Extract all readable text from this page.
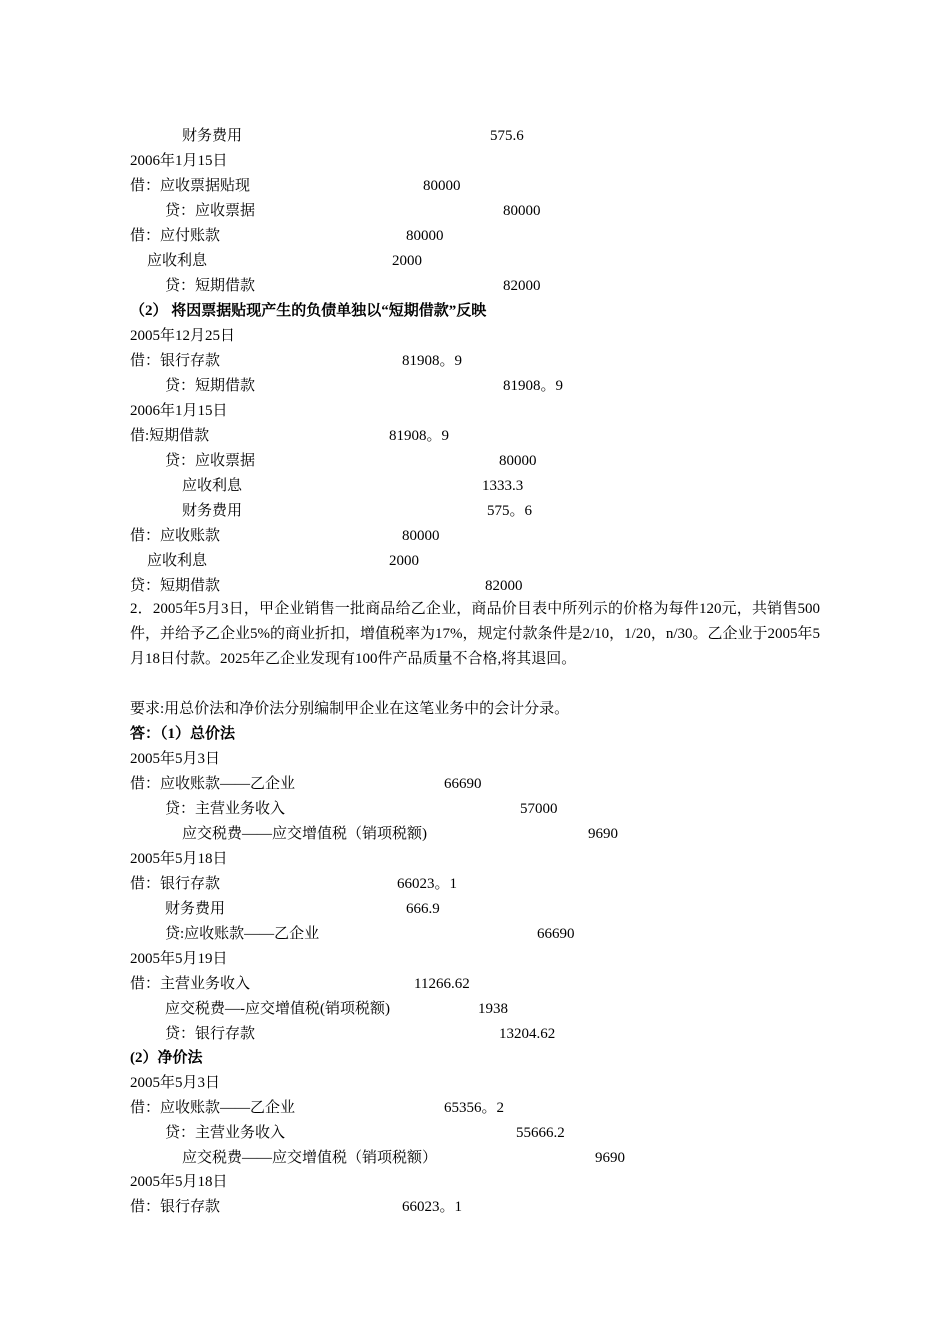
财务费用	575.6
2006年1月15日
借：应收票据贴现	80000
贷：应收票据	80000
借：应付账款	80000
应收利息	2000
贷：短期借款	82000
（2） 将因票据贴现产生的负债单独以“短期借款”反映
2005年12月25日
借：银行存款	81908。9
贷：短期借款	81908。9
2006年1月15日
借:短期借款	81908。9
贷：应收票据	80000
应收利息	1333.3
财务费用	575。6
借：应收账款	80000
应收利息	2000
贷：短期借款	82000
2．2005年5月3日，甲企业销售一批商品给乙企业，商品价目表中所列示的价格为每件120元，共销售500件，并给予乙企业5%的商业折扣，增值税率为17%，规定付款条件是2/10，1/20，n/30。乙企业于2005年5月18日付款。2025年乙企业发现有100件产品质量不合格,将其退回。
要求:用总价法和净价法分别编制甲企业在这笔业务中的会计分录。
答：（1）总价法
2005年5月3日
借：应收账款——乙企业	66690
贷：主营业务收入	57000
应交税费——应交增值税（销项税额)	9690
2005年5月18日
借：银行存款	66023。1
财务费用	666.9
贷:应收账款——乙企业	66690
2005年5月19日
借：主营业务收入	11266.62
应交税费—-应交增值税(销项税额)	1938
贷：银行存款	13204.62
(2）净价法
2005年5月3日
借：应收账款——乙企业	65356。2
贷：主营业务收入	55666.2
应交税费——应交增值税（销项税额）	9690
2005年5月18日
借：银行存款	66023。1
